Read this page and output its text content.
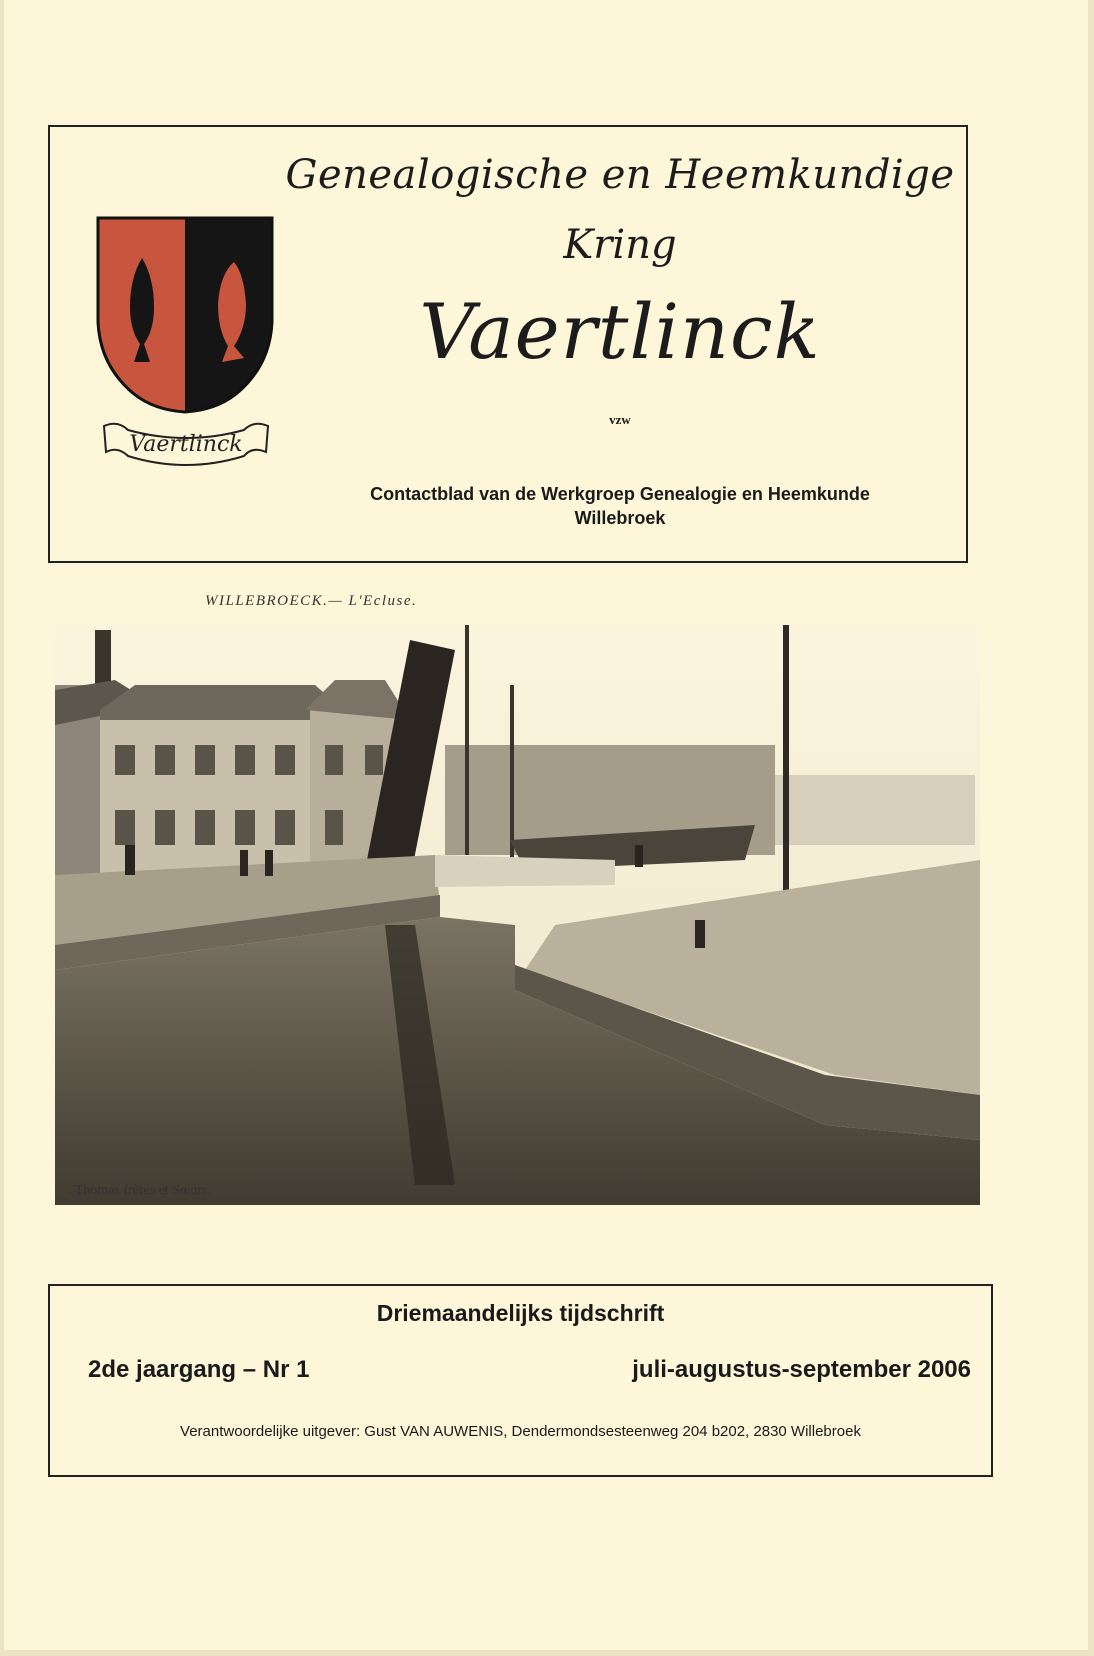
Vaertlinck
Genealogische en Heemkundige
Kring
Vaertlinck
vzw
Contactblad van de Werkgroep Genealogie en Heemkunde
Willebroek
WILLEBROECK.— L'Ecluse.
. Thomas frères et Sœurs.
Driemaandelijks tijdschrift
2de jaargang – Nr 1	juli-augustus-september 2006
Verantwoordelijke uitgever: Gust VAN AUWENIS, Dendermondsesteenweg 204 b202, 2830 Willebroek
